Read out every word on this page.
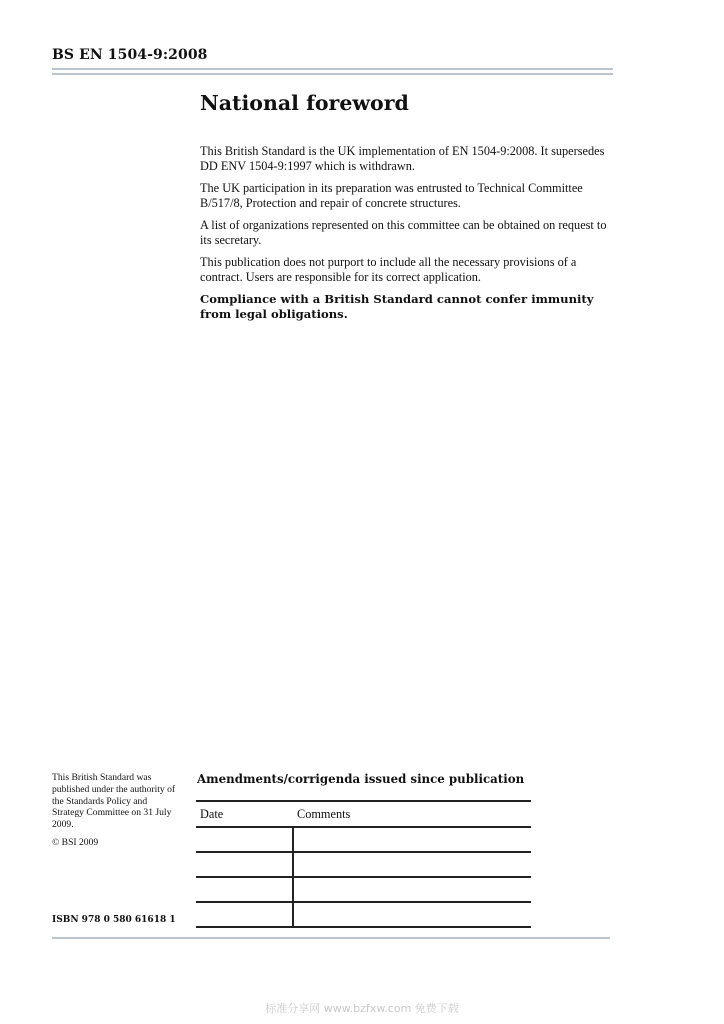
BS EN 1504-9:2008

National foreword

This British Standard is the UK implementation of EN 1504-9:2008. It supersedes DD ENV 1504-9:1997 which is withdrawn.

The UK participation in its preparation was entrusted to Technical Committee B/517/8, Protection and repair of concrete structures.

A list of organizations represented on this committee can be obtained on request to its secretary.

This publication does not purport to include all the necessary provisions of a contract. Users are responsible for its correct application.

Compliance with a British Standard cannot confer immunity from legal obligations.

This British Standard was published under the authority of the Standards Policy and Strategy Committee on 31 July 2009.

© BSI 2009

ISBN 978 0 580 61618 1

Amendments/corrigenda issued since publication

Date	Comments

标准分享网 www.bzfxw.com 免费下载
